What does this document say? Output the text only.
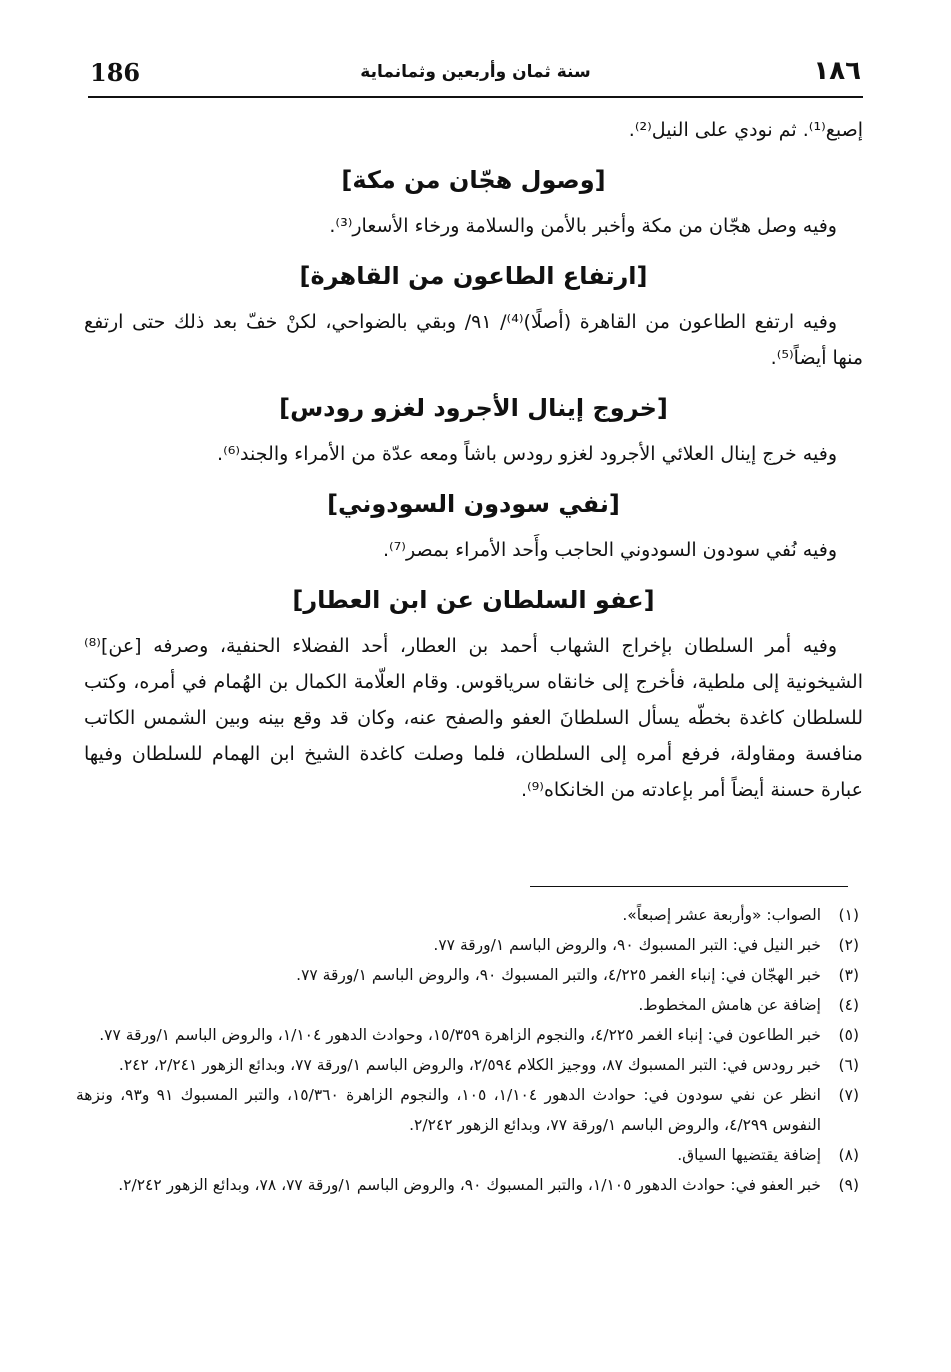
186	سنة ثمان وأربعين وثمانماية	١٨٦

إصبع⁽¹⁾. ثم نودي على النيل⁽²⁾.

[وصول هجّان من مكة]

وفيه وصل هجّان من مكة وأخبر بالأمن والسلامة ورخاء الأسعار⁽³⁾.

[ارتفاع الطاعون من القاهرة]

وفيه ارتفع الطاعون من القاهرة (أصلًا)⁽⁴⁾/ ٩١/ وبقي بالضواحي، لكنْ خفّ بعد ذلك حتى ارتفع منها أيضاً⁽⁵⁾.

[خروج إينال الأجرود لغزو رودس]

وفيه خرج إينال العلائي الأجرود لغزو رودس باشاً ومعه عدّة من الأمراء والجند⁽⁶⁾.

[نفي سودون السودوني]

وفيه نُفي سودون السودوني الحاجب وأَحد الأمراء بمصر⁽⁷⁾.

[عفو السلطان عن ابن العطار]

وفيه أمر السلطان بإخراج الشهاب أحمد بن العطار، أحد الفضلاء الحنفية، وصرفه [عن]⁽⁸⁾ الشيخونية إلى ملطية، فأخرج إلى خانقاه سرياقوس. وقام العلّامة الكمال بن الهُمام في أمره، وكتب للسلطان كاغدة بخطّه يسأل السلطانَ العفو والصفح عنه، وكان قد وقع بينه وبين الشمس الكاتب منافسة ومقاولة، فرفع أمره إلى السلطان، فلما وصلت كاغدة الشيخ ابن الهمام للسلطان وفيها عبارة حسنة أيضاً أمر بإعادته من الخانكاه⁽⁹⁾.

(١)
الصواب: «وأربعة عشر إصبعاً».
(٢)
خبر النيل في: التبر المسبوك ٩٠، والروض الباسم ١/ورقة ٧٧.
(٣)
خبر الهجّان في: إنباء الغمر ٤/٢٢٥، والتبر المسبوك ٩٠، والروض الباسم ١/ورقة ٧٧.
(٤)
إضافة عن هامش المخطوط.
(٥)
خبر الطاعون في: إنباء الغمر ٤/٢٢٥، والنجوم الزاهرة ١٥/٣٥٩، وحوادث الدهور ١/١٠٤، والروض الباسم ١/ورقة ٧٧.
(٦)
خبر رودس في: التبر المسبوك ٨٧، ووجيز الكلام ٢/٥٩٤، والروض الباسم ١/ورقة ٧٧، وبدائع الزهور ٢/٢٤١، ٢٤٢.
(٧)
انظر عن نفي سودون في: حوادث الدهور ١/١٠٤، ١٠٥، والنجوم الزاهرة ١٥/٣٦٠، والتبر المسبوك ٩١ و٩٣، ونزهة النفوس ٤/٢٩٩، والروض الباسم ١/ورقة ٧٧، وبدائع الزهور ٢/٢٤٢.
(٨)
إضافة يقتضيها السياق.
(٩)
خبر العفو في: حوادث الدهور ١/١٠٥، والتبر المسبوك ٩٠، والروض الباسم ١/ورقة ٧٧، ٧٨، وبدائع الزهور ٢/٢٤٢.
